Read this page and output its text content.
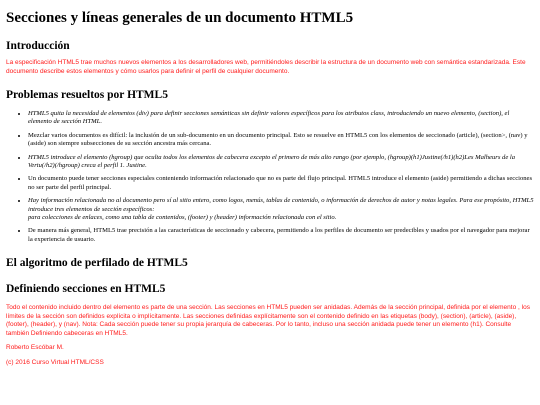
Secciones y líneas generales de un documento HTML5
Introducción

La especificación HTML5 trae muchos nuevos elementos a los desarrolladores web, permitiéndoles describir la estructura de un documento web con semántica estandarizada. Este documento describe estos elementos y cómo usarlos para definir el perfil de cualquier documento.

Problemas resueltos por HTML5
• HTML5 quita la necesidad de elementos (div) para definir secciones semánticas sin definir valores específicos para los atributos class, introduciendo un nuevo elemento, (section), el elemento de sección HTML.
• Mezclar varios documentos es difícil: la inclusión de un sub-documento en un documento principal. Esto se resuelve en HTML5 con los elementos de seccionado (article), (section>, (nav) y (aside) son siempre subsecciones de su sección ancestra más cercana.
• HTML5 introduce el elemento (hgroup) que oculta todos los elementos de cabecera excepto el primero de más alto rango (por ejemplo, (hgroup)(h1)Justine(/h1)(h2)Les Malheurs de la Vertu(/h2)(/hgroup) creca el perfil 1. Justine.
• Un documento puede tener secciones especiales conteniendo información relacionado que no es parte del flujo principal. HTML5 introduce el elemento (aside) permitiendo a dichas secciones no ser parte del perfil principal.
• Hay información relacionada no al documento pero sí al sitio entero, como logos, menús, tablas de contenido, o información de derechos de autor y notas legales. Para ese propósito, HTML5 introduce tres elementos de sección específicos:
para colecciones de enlaces, como una tabla de contenidos, (footer) y (header) información relacionada con el sitio.
• De manera más general, HTML5 trae precisión a las características de seccionado y cabecera, permitiendo a los perfiles de documento ser predecibles y usados por el navegador para mejorar la experiencia de usuario.
El algoritmo de perfilado de HTML5
Definiendo secciones en HTML5

Todo el contenido incluido dentro del elemento es parte de una sección. Las secciones en HTML5 pueden ser anidadas. Además de la sección principal, definida por el elemento , los límites de la sección son definidos explícita o implícitamente. Las secciones definidas explícitamente son el contenido definido en las etiquetas (body), (section), (article), (aside), (footer), (header), y (nav). Nota: Cada sección puede tener su propia jerarquía de cabeceras. Por lo tanto, incluso una sección anidada puede tener un elemento (h1). Consulte también Definiendo cabeceras en HTML5.

Roberto Escóbar M.

(c) 2016 Curso Virtual HTML/CSS
